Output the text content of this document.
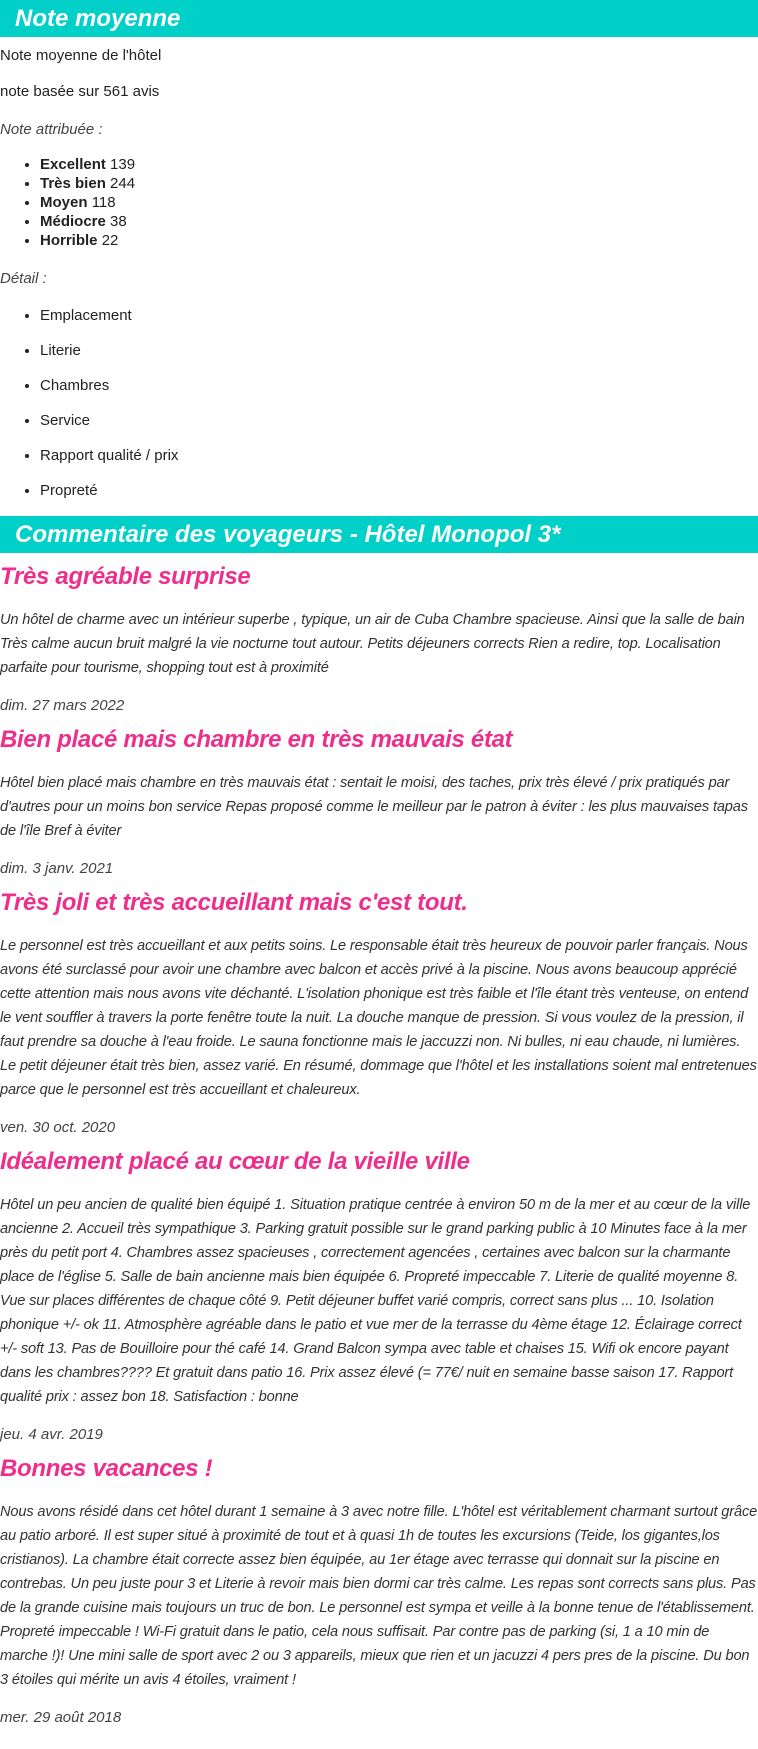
Note moyenne

Note moyenne de l'hôtel

note basée sur 561 avis

Note attribuée :

• Excellent 139
• Très bien 244
• Moyen 118
• Médiocre 38
• Horrible 22

Détail :

• Emplacement
• Literie
• Chambres
• Service
• Rapport qualité / prix
• Propreté
Commentaire des voyageurs - Hôtel Monopol 3*
Très agréable surprise

Un hôtel de charme avec un intérieur superbe , typique, un air de Cuba Chambre spacieuse. Ainsi que la salle de bain Très calme aucun bruit malgré la vie nocturne tout autour. Petits déjeuners corrects Rien a redire, top. Localisation parfaite pour tourisme, shopping tout est à proximité

dim. 27 mars 2022

Bien placé mais chambre en très mauvais état

Hôtel bien placé mais chambre en très mauvais état : sentait le moisi, des taches, prix très élevé / prix pratiqués par d'autres pour un moins bon service Repas proposé comme le meilleur par le patron à éviter : les plus mauvaises tapas de l'île Bref à éviter

dim. 3 janv. 2021

Très joli et très accueillant mais c'est tout.

Le personnel est très accueillant et aux petits soins. Le responsable était très heureux de pouvoir parler français. Nous avons été surclassé pour avoir une chambre avec balcon et accès privé à la piscine. Nous avons beaucoup apprécié cette attention mais nous avons vite déchanté. L'isolation phonique est très faible et l'île étant très venteuse, on entend le vent souffler à travers la porte fenêtre toute la nuit. La douche manque de pression. Si vous voulez de la pression, il faut prendre sa douche à l'eau froide. Le sauna fonctionne mais le jaccuzzi non. Ni bulles, ni eau chaude, ni lumières. Le petit déjeuner était très bien, assez varié. En résumé, dommage que l'hôtel et les installations soient mal entretenues parce que le personnel est très accueillant et chaleureux.

ven. 30 oct. 2020

Idéalement placé au cœur de la vieille ville

Hôtel un peu ancien de qualité bien équipé 1. Situation pratique centrée à environ 50 m de la mer et au cœur de la ville ancienne 2. Accueil très sympathique 3. Parking gratuit possible sur le grand parking public à 10 Minutes face à la mer près du petit port 4. Chambres assez spacieuses , correctement agencées , certaines avec balcon sur la charmante place de l'église 5. Salle de bain ancienne mais bien équipée 6. Propreté impeccable 7. Literie de qualité moyenne 8. Vue sur places différentes de chaque côté 9. Petit déjeuner buffet varié compris, correct sans plus ... 10. Isolation phonique +/- ok 11. Atmosphère agréable dans le patio et vue mer de la terrasse du 4ème étage 12. Éclairage correct +/- soft 13. Pas de Bouilloire pour thé café 14. Grand Balcon sympa avec table et chaises 15. Wifi ok encore payant dans les chambres???? Et gratuit dans patio 16. Prix assez élevé (= 77€/ nuit en semaine basse saison 17. Rapport qualité prix : assez bon 18. Satisfaction : bonne

jeu. 4 avr. 2019

Bonnes vacances !

Nous avons résidé dans cet hôtel durant 1 semaine à 3 avec notre fille. L'hôtel est véritablement charmant surtout grâce au patio arboré. Il est super situé à proximité de tout et à quasi 1h de toutes les excursions (Teide, los gigantes,los cristianos). La chambre était correcte assez bien équipée, au 1er étage avec terrasse qui donnait sur la piscine en contrebas. Un peu juste pour 3 et Literie à revoir mais bien dormi car très calme. Les repas sont corrects sans plus. Pas de la grande cuisine mais toujours un truc de bon. Le personnel est sympa et veille à la bonne tenue de l'établissement. Propreté impeccable ! Wi-Fi gratuit dans le patio, cela nous suffisait. Par contre pas de parking (si, 1 a 10 min de marche !)! Une mini salle de sport avec 2 ou 3 appareils, mieux que rien et un jacuzzi 4 pers pres de la piscine. Du bon 3 étoiles qui mérite un avis 4 étoiles, vraiment !

mer. 29 août 2018
